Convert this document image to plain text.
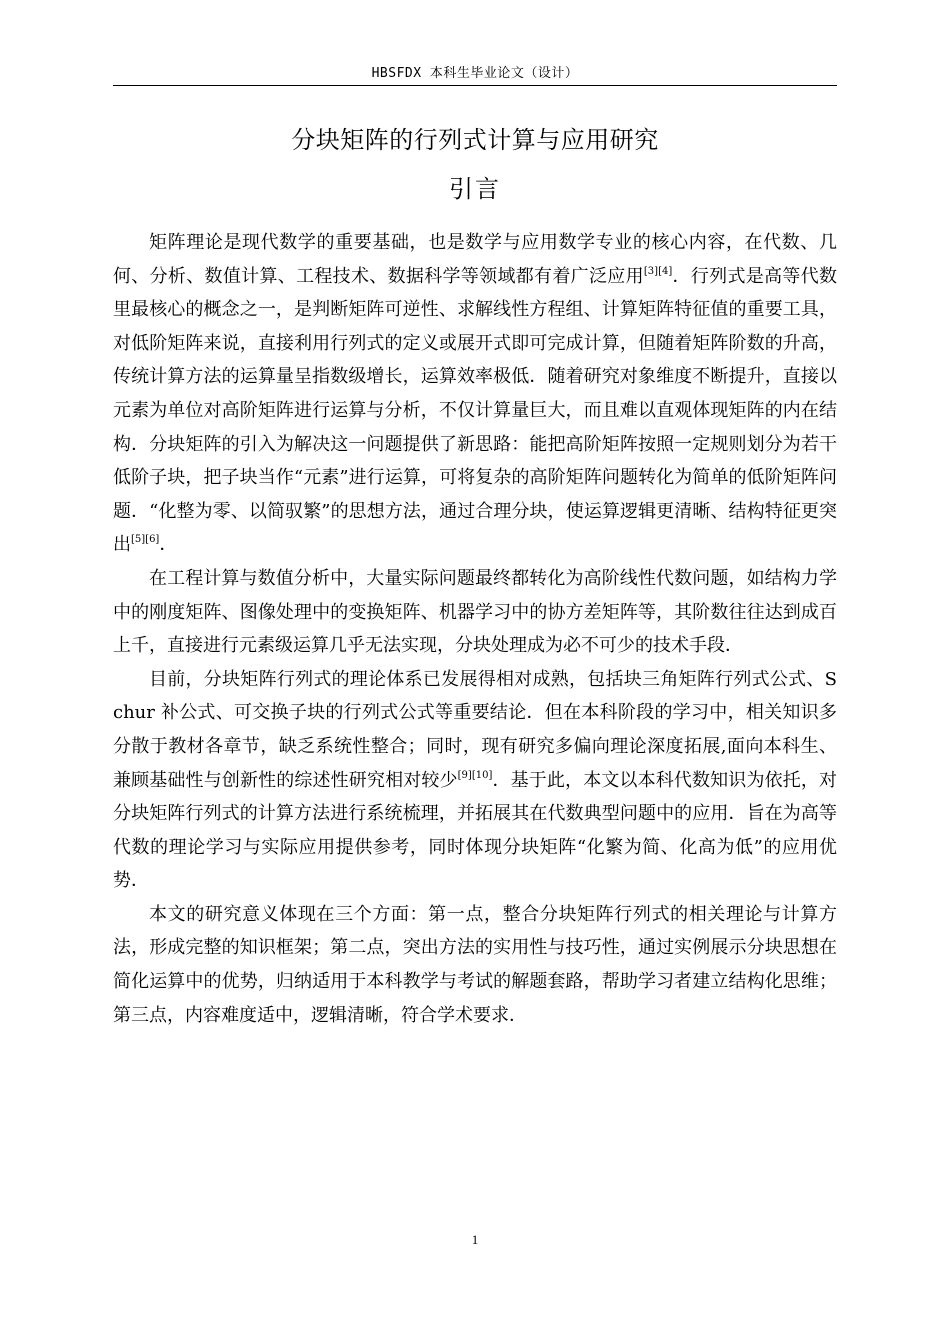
HBSFDX 本科生毕业论文（设计）
分块矩阵的行列式计算与应用研究
引言

矩阵理论是现代数学的重要基础，也是数学与应用数学专业的核心内容，在代数、几何、分析、数值计算、工程技术、数据科学等领域都有着广泛应用[3][4]．行列式是高等代数里最核心的概念之一，是判断矩阵可逆性、求解线性方程组、计算矩阵特征值的重要工具，对低阶矩阵来说，直接利用行列式的定义或展开式即可完成计算，但随着矩阵阶数的升高，传统计算方法的运算量呈指数级增长，运算效率极低．随着研究对象维度不断提升，直接以元素为单位对高阶矩阵进行运算与分析，不仅计算量巨大，而且难以直观体现矩阵的内在结构．分块矩阵的引入为解决这一问题提供了新思路：能把高阶矩阵按照一定规则划分为若干低阶子块，把子块当作“元素”进行运算，可将复杂的高阶矩阵问题转化为简单的低阶矩阵问题．“化整为零、以简驭繁”的思想方法，通过合理分块，使运算逻辑更清晰、结构特征更突出[5][6]．

在工程计算与数值分析中，大量实际问题最终都转化为高阶线性代数问题，如结构力学中的刚度矩阵、图像处理中的变换矩阵、机器学习中的协方差矩阵等，其阶数往往达到成百上千，直接进行元素级运算几乎无法实现，分块处理成为必不可少的技术手段．

目前，分块矩阵行列式的理论体系已发展得相对成熟，包括块三角矩阵行列式公式、Schur 补公式、可交换子块的行列式公式等重要结论．但在本科阶段的学习中，相关知识多分散于教材各章节，缺乏系统性整合；同时，现有研究多偏向理论深度拓展,面向本科生、兼顾基础性与创新性的综述性研究相对较少[9][10]．基于此，本文以本科代数知识为依托，对分块矩阵行列式的计算方法进行系统梳理，并拓展其在代数典型问题中的应用．旨在为高等代数的理论学习与实际应用提供参考，同时体现分块矩阵“化繁为简、化高为低”的应用优势．

本文的研究意义体现在三个方面：第一点，整合分块矩阵行列式的相关理论与计算方法，形成完整的知识框架；第二点，突出方法的实用性与技巧性，通过实例展示分块思想在简化运算中的优势，归纳适用于本科教学与考试的解题套路，帮助学习者建立结构化思维；第三点，内容难度适中，逻辑清晰，符合学术要求．

1
